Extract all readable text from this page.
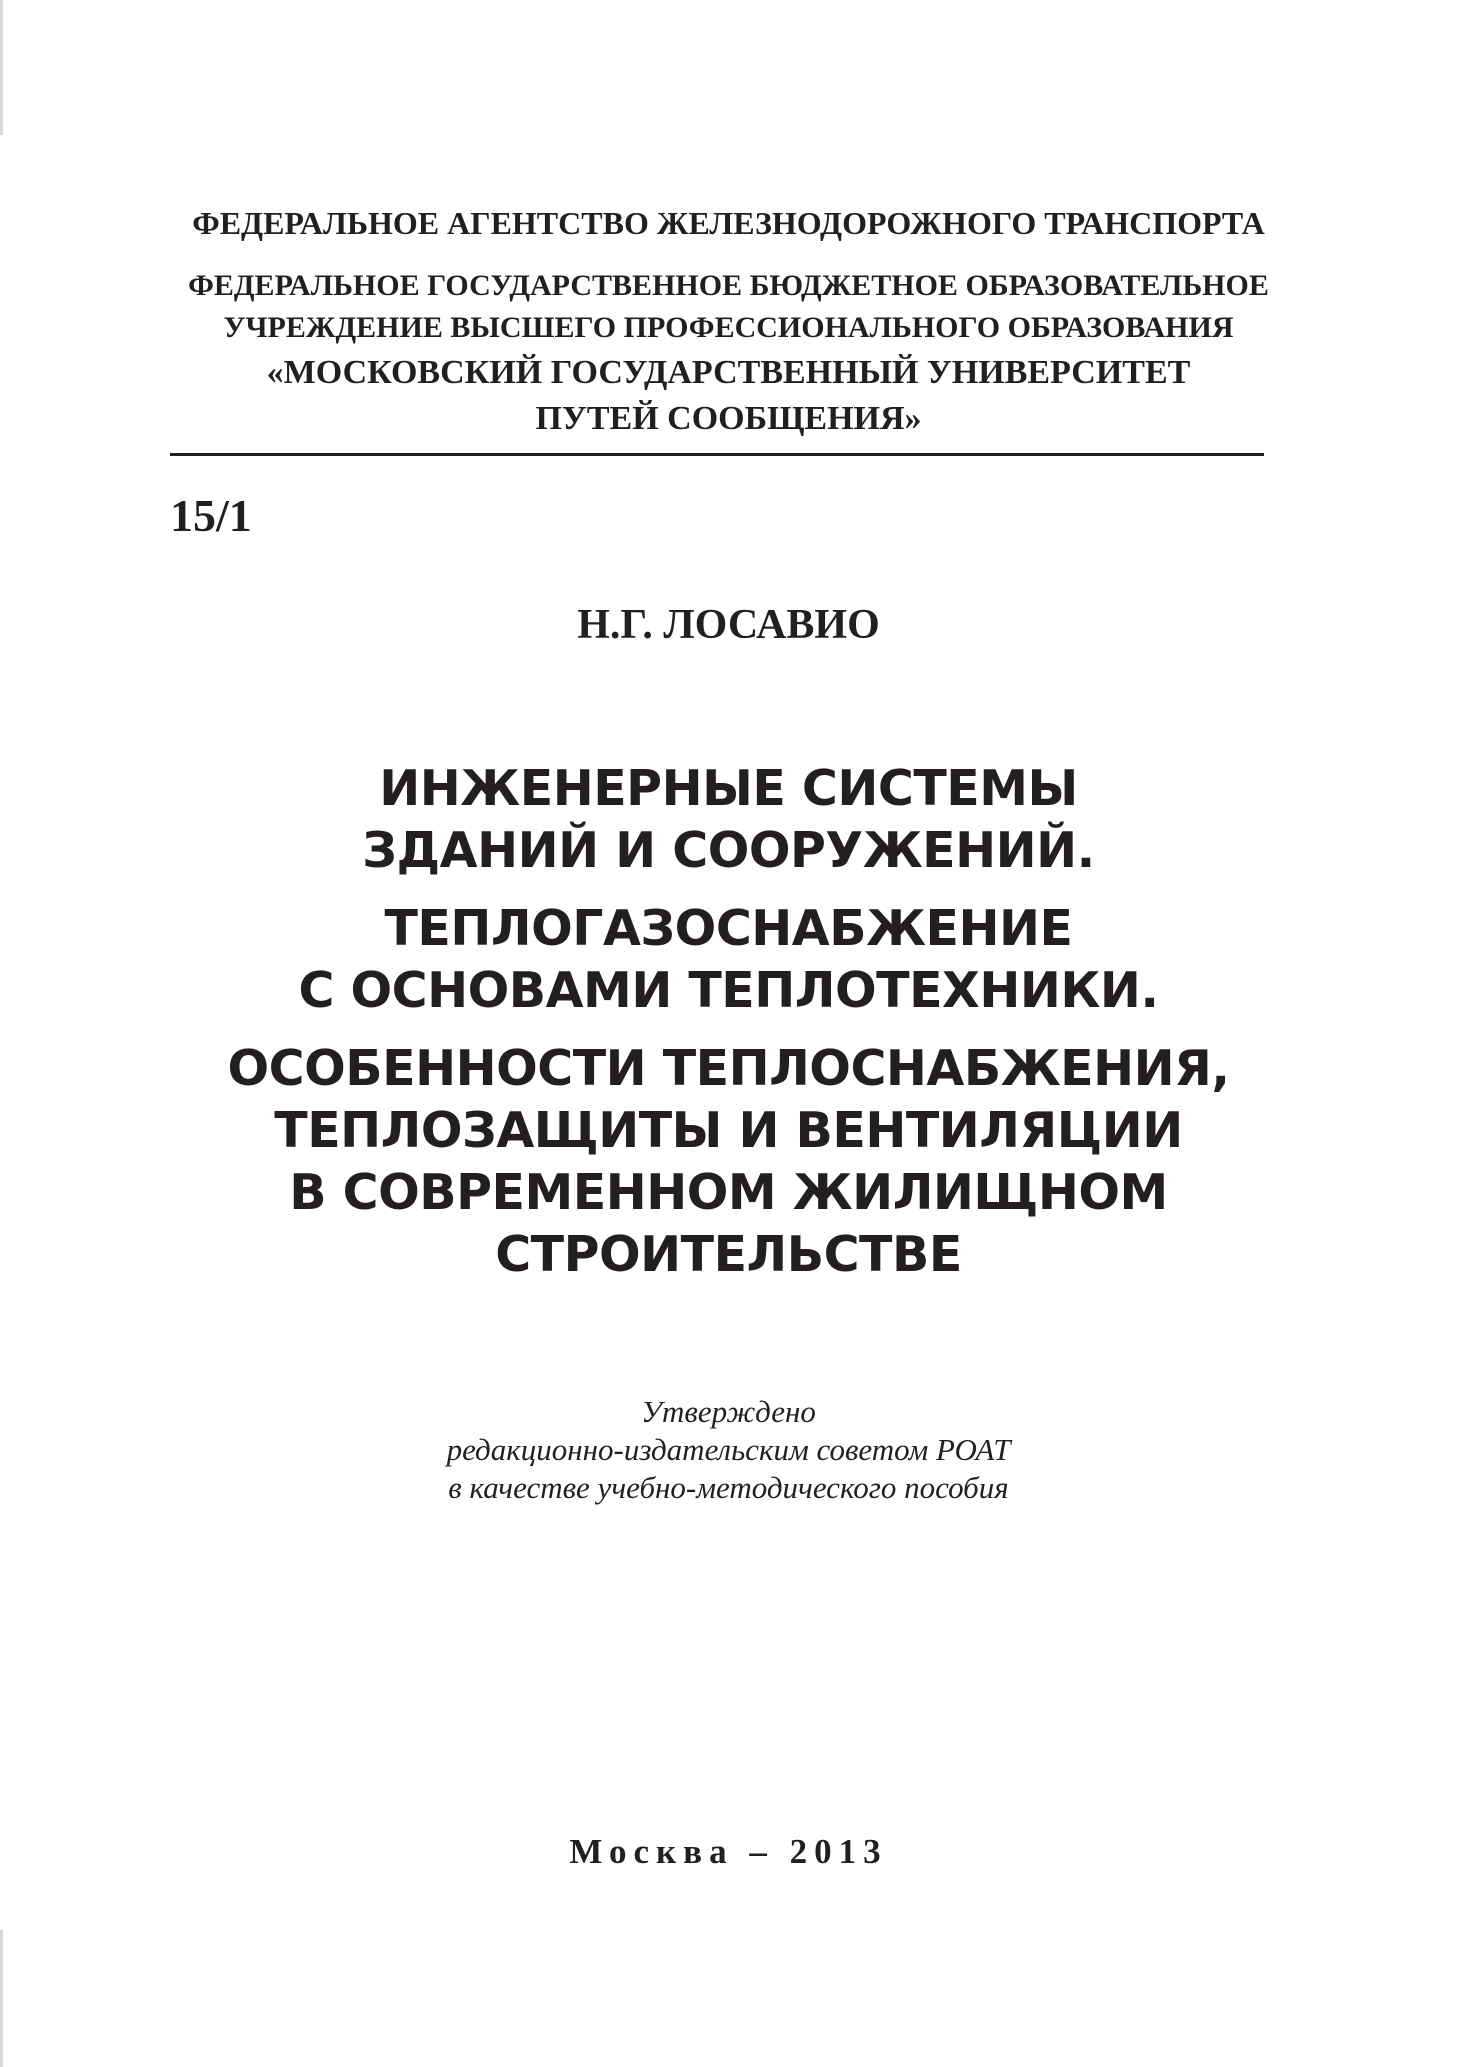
ФЕДЕРАЛЬНОЕ АГЕНТСТВО ЖЕЛЕЗНОДОРОЖНОГО ТРАНСПОРТА
ФЕДЕРАЛЬНОЕ ГОСУДАРСТВЕННОЕ БЮДЖЕТНОЕ ОБРАЗОВАТЕЛЬНОЕ
УЧРЕЖДЕНИЕ ВЫСШЕГО ПРОФЕССИОНАЛЬНОГО ОБРАЗОВАНИЯ
«МОСКОВСКИЙ ГОСУДАРСТВЕННЫЙ УНИВЕРСИТЕТ
ПУТЕЙ СООБЩЕНИЯ»
15/1
Н.Г. ЛОСАВИО
ИНЖЕНЕРНЫЕ СИСТЕМЫ
ЗДАНИЙ И СООРУЖЕНИЙ.
ТЕПЛОГАЗОСНАБЖЕНИЕ
С ОСНОВАМИ ТЕПЛОТЕХНИКИ.
ОСОБЕННОСТИ ТЕПЛОСНАБЖЕНИЯ,
ТЕПЛОЗАЩИТЫ И ВЕНТИЛЯЦИИ
В СОВРЕМЕННОМ ЖИЛИЩНОМ
СТРОИТЕЛЬСТВЕ
Утверждено
редакционно-издательским советом РОАТ
в качестве учебно-методического пособия
Москва – 2013
